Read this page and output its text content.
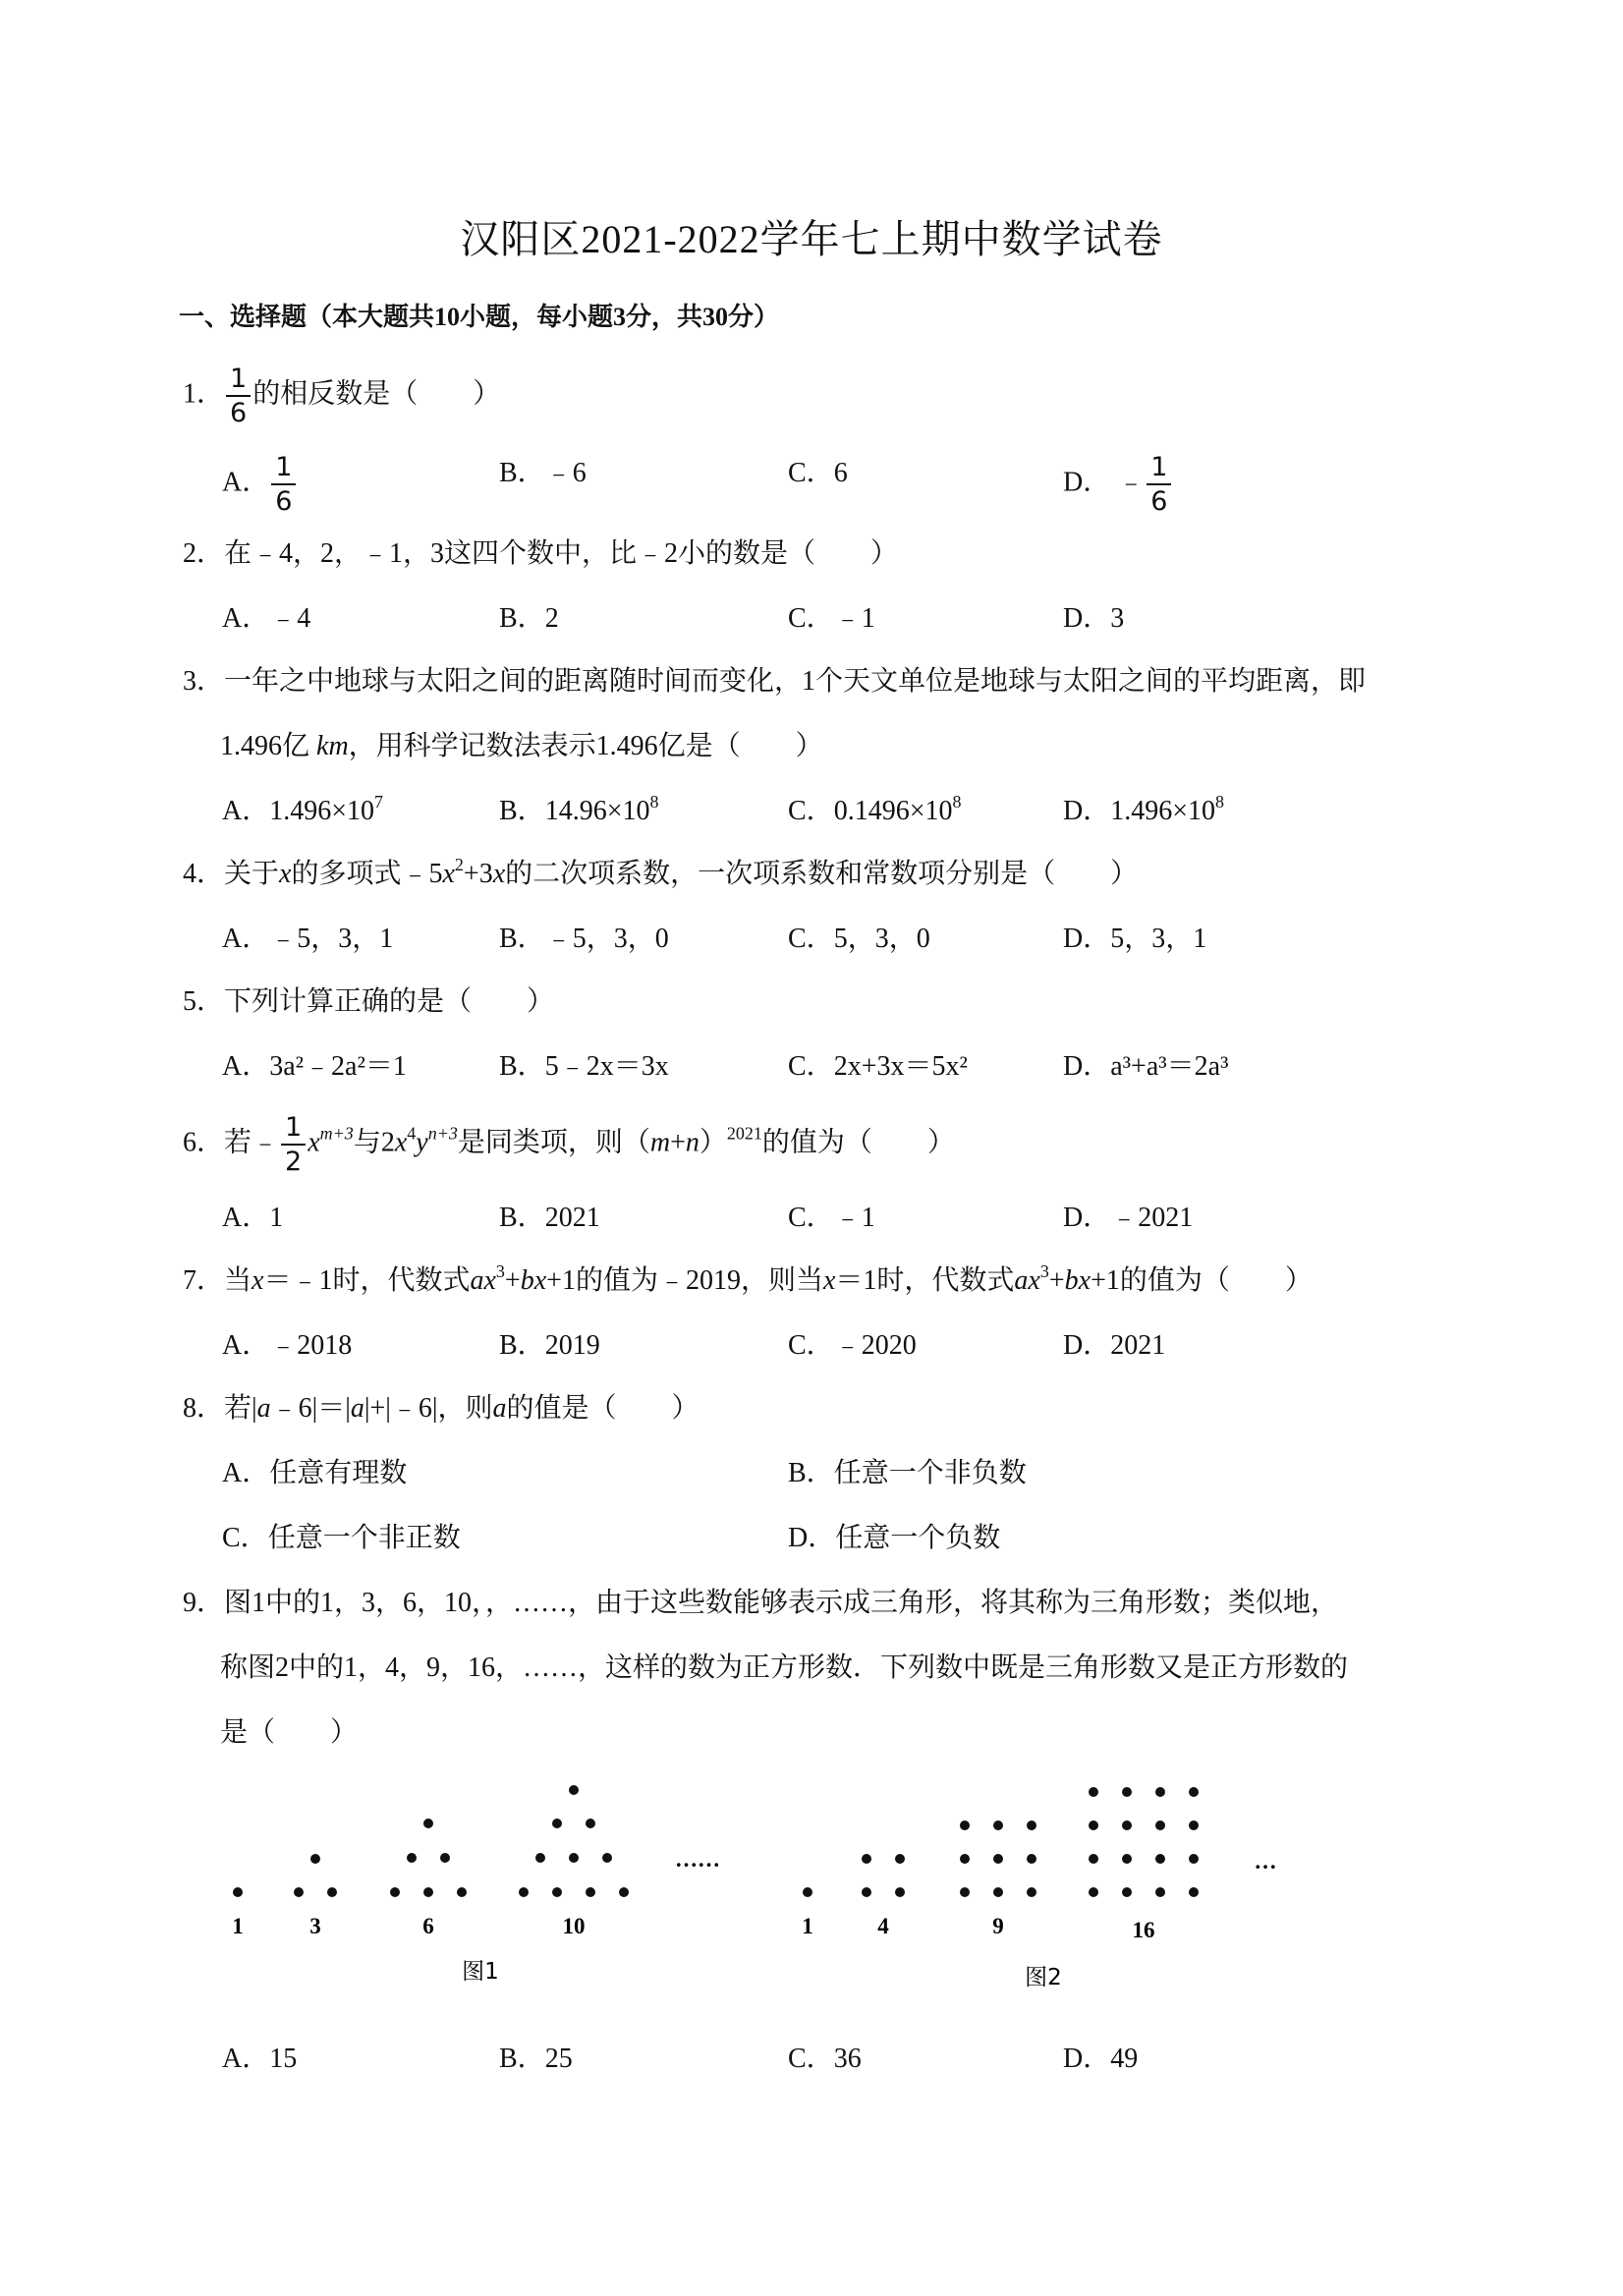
汉阳区2021-2022学年七上期中数学试卷
一、选择题（本大题共10小题，每小题3分，共30分）
1． $\frac{1}{6}$ 的相反数是（　　）
A． $\frac{1}{6}$	B．﹣6	C．6	D． ﹣ $\frac{1}{6}$
2．在﹣4，2，﹣1，3这四个数中，比﹣2小的数是（　　）
A．﹣4	B．2	C．﹣1	D．3
3．一年之中地球与太阳之间的距离随时间而变化，1个天文单位是地球与太阳之间的平均距离，即
1.496亿 km，用科学记数法表示1.496亿是（　　）
A．$1.496\times 10^7$	B．$14.96\times 10^8$	C．$0.1496\times 10^8$	D．$1.496\times 10^8$
4．关于x的多项式$﹣5x^2+3x$的二次项系数，一次项系数和常数项分别是（　　）
A．﹣5，3，1	B．﹣5，3，0	C．5，3，0	D．5，3，1
5．下列计算正确的是（　　）
A．3a²﹣2a²＝1	B．5﹣2x＝3x	C．2x+3x＝5x²	D．a³+a³＝2a³
6．若﹣ $\frac{1}{2} x^{m+3}$与$2x^4y^{n+3}$是同类项，则$(m+n)^{2021}$的值为（　　）
A．1	B．2021	C．﹣1	D．﹣2021
7．当x＝﹣1时，代数式$ax^3+bx+1$的值为﹣2019，则当x＝1时，代数式$ax^3+bx+1$的值为（　　）
A．﹣2018	B．2019	C．﹣2020	D．2021
8．若|a﹣6|＝|a|+|﹣6|，则a的值是（　　）
A．任意有理数	B．任意一个非负数
C．任意一个非正数	D．任意一个负数
9．图1中的1，3，6，10，，……，由于这些数能够表示成三角形，将其称为三角形数；类似地，
称图2中的1，4，9，16，……，这样的数为正方形数．下列数中既是三角形数又是正方形数的
是（　　）
1	3	6	10
……
1	4	9	16
…
图1	图2
A．15	B．25	C．36	D．49
